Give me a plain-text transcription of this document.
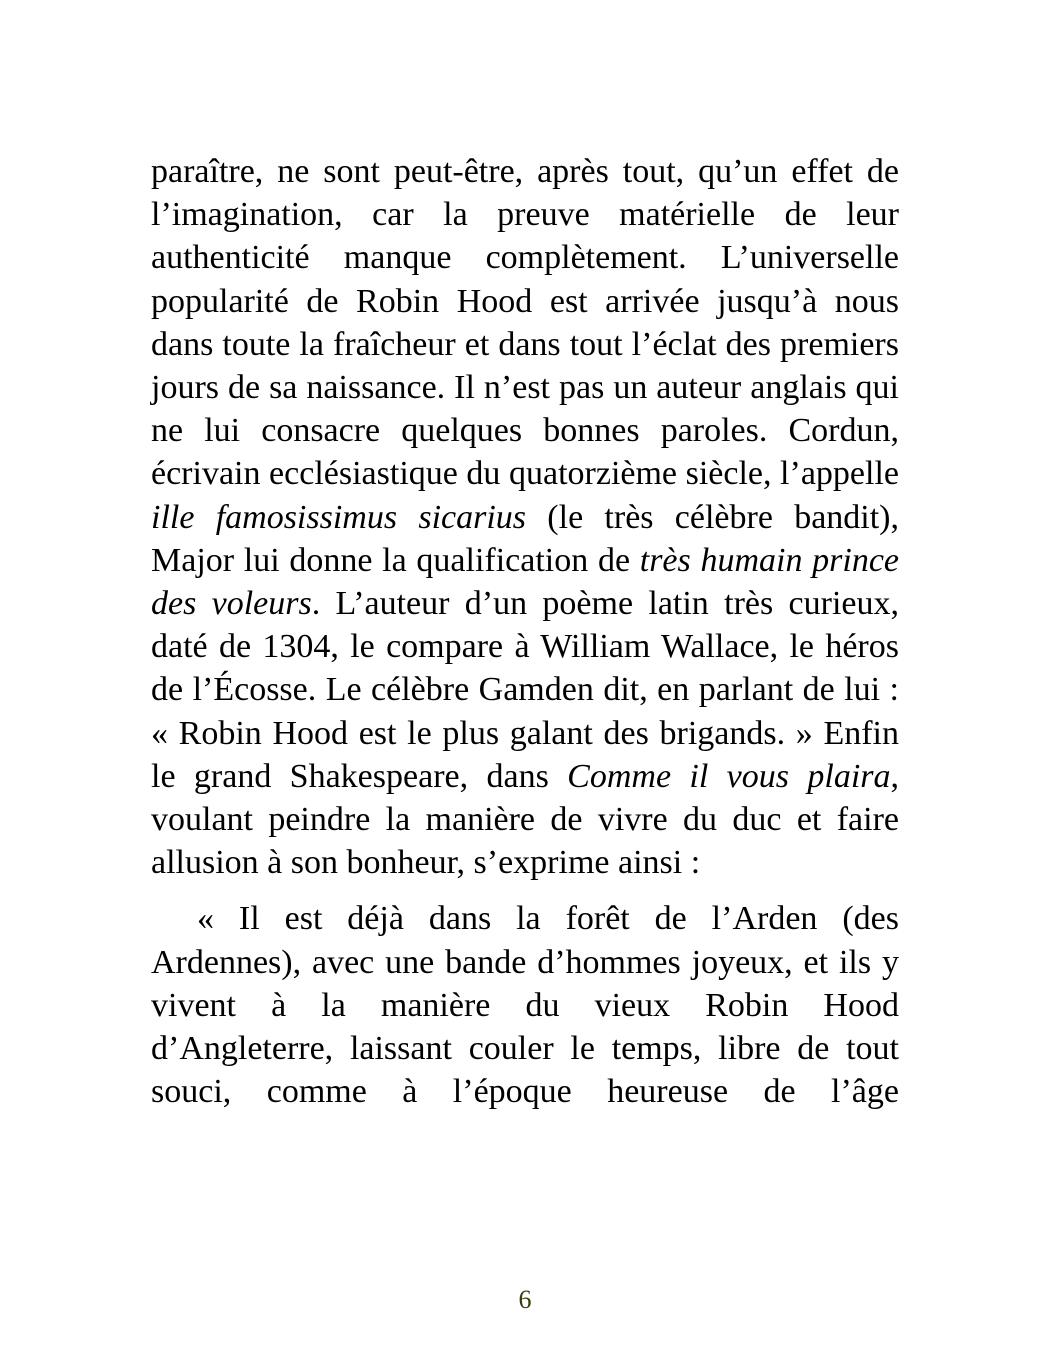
paraître, ne sont peut-être, après tout, qu’un effet de l’imagination, car la preuve matérielle de leur authenticité manque complètement. L’universelle popularité de Robin Hood est arrivée jusqu’à nous dans toute la fraîcheur et dans tout l’éclat des premiers jours de sa naissance. Il n’est pas un auteur anglais qui ne lui consacre quelques bonnes paroles. Cordun, écrivain ecclésiastique du quatorzième siècle, l’appelle ille famosissimus sicarius (le très célèbre bandit), Major lui donne la qualification de très humain prince des voleurs. L’auteur d’un poème latin très curieux, daté de 1304, le compare à William Wallace, le héros de l’Écosse. Le célèbre Gamden dit, en parlant de lui : « Robin Hood est le plus galant des brigands. » Enfin le grand Shakespeare, dans Comme il vous plaira, voulant peindre la manière de vivre du duc et faire allusion à son bonheur, s’exprime ainsi :

« Il est déjà dans la forêt de l’Arden (des Ardennes), avec une bande d’hommes joyeux, et ils y vivent à la manière du vieux Robin Hood d’Angleterre, laissant couler le temps, libre de tout souci, comme à l’époque heureuse de l’âge

6
